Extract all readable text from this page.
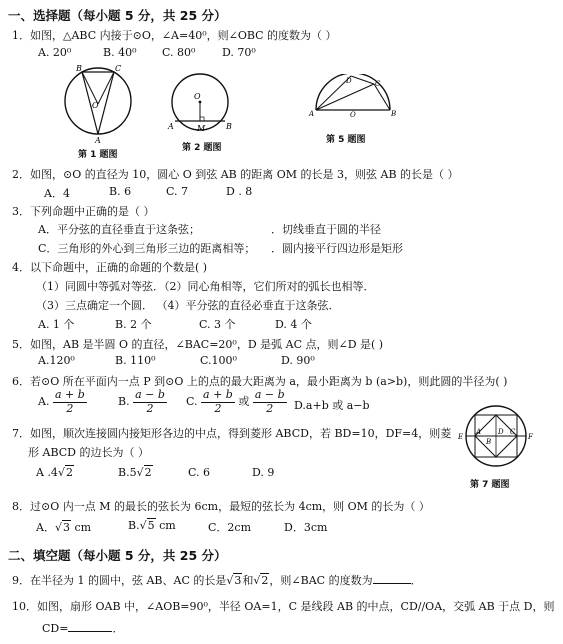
一、选择题（每小题 5 分，共 25 分）
1．如图，△ABC 内接于⊙O，∠A=40⁰，则∠OBC 的度数为（ ）
A. 20⁰	B. 40⁰ C. 80⁰ D. 70⁰
B	C
O
A
第 1 题图
O
A	M	B
第 2 题图
D	C
A	O	B
第 5 题图
2．如图，⊙O 的直径为 10，圆心 O 到弦 AB 的距离 OM 的长是 3，则弦 AB 的长是（ ）
A．4	B. 6	C. 7	D . 8
3．下列命题中正确的是（ ）
A．平分弦的直径垂直于这条弦；	．切线垂直于圆的半径
C．三角形的外心到三角形三边的距离相等； ．圆内接平行四边形是矩形
4．以下命题中，正确的命题的个数是( )
（1）同圆中等弧对等弦．（2）同心角相等，它们所对的弧长也相等．
（3）三点确定一个圆． （4）平分弦的直径必垂直于这条弦．
A. 1 个	B. 2 个	C. 3 个	D. 4 个
5．如图，AB 是半圆 O 的直径，∠BAC=20⁰，D 是弧 AC 点，则∠D 是( )
A.120⁰	B. 110⁰	C.100⁰	D. 90⁰
6．若⊙O 所在平面内一点 P 到⊙O 上的点的最大距离为 a，最小距离为 b (a>b)，则此圆的半径为( )
A. $\frac{a + b}{2}$	B. $\frac{a - b}{2} C$. $\frac{a + b}{2}$ 或 $\frac{a - b}{2} D.a+b$ 或 a−b
7．如图，顺次连接圆内接矩形各边的中点，得到菱形 ABCD，若 BD=10，DF=4，则菱
形 ABCD 的边长为（ ）
A .4√2	B.5√2	C. 6	D. 9
E
A D
B
C
F
第 7 题图
8．过⊙O 内一点 M 的最长的弦长为 6cm，最短的弦长为 4cm，则 OM 的长为（ ）
A．√3 cm	B.√5 cm	C．2cm	D．3cm
二、填空题（每小题 5 分，共 25 分）
9．在半径为 1 的圆中，弦 AB、AC 的长是√3和√2，则∠BAC 的度数为	．
10．如图，扇形 OAB 中，∠AOB=90⁰，半径 OA=1，C 是线段 AB 的中点，CD//OA，交弧 AB 于点 D，则
CD=	．
